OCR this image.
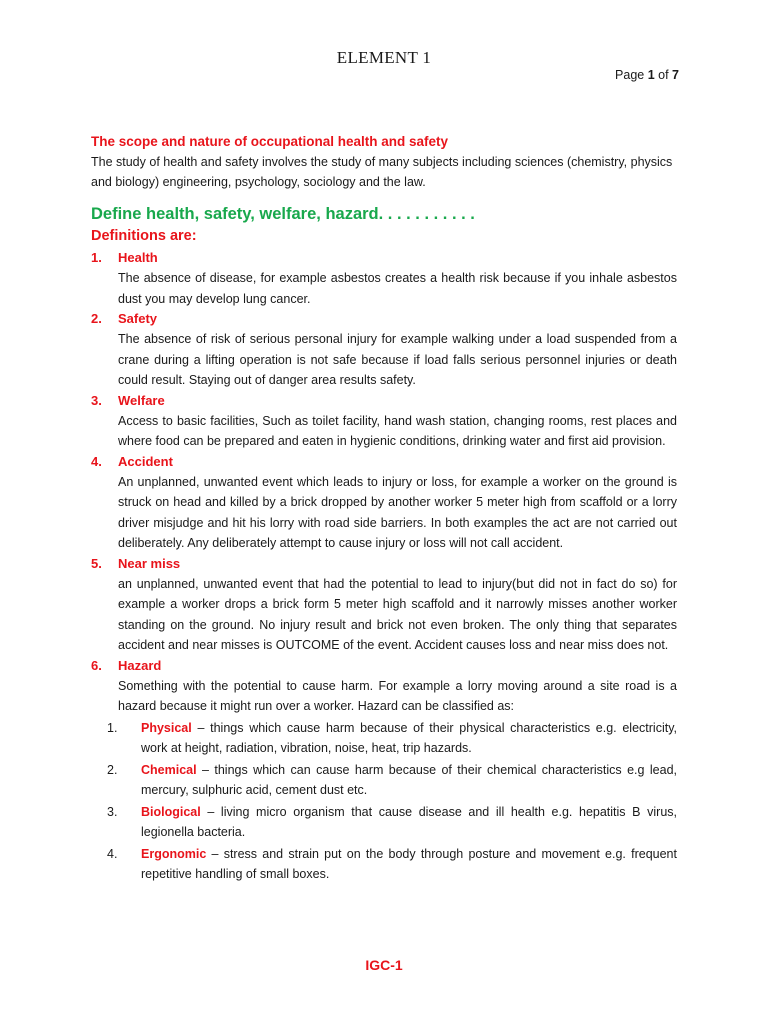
ELEMENT 1
Page 1 of 7

The scope and nature of occupational health and safety

The study of health and safety involves the study of many subjects including sciences (chemistry, physics and biology) engineering, psychology, sociology and the law.

Define health, safety, welfare, hazard. . . . . . . . . . .

Definitions are:

1.	Health

The absence of disease, for example asbestos creates a health risk because if you inhale asbestos dust you may develop lung cancer.

2.	Safety

The absence of risk of serious personal injury for example walking under a load suspended from a crane during a lifting operation is not safe because if load falls serious personnel injuries or death could result. Staying out of danger area results safety.

3.	Welfare

Access to basic facilities, Such as toilet facility, hand wash station, changing rooms, rest places and where food can be prepared and eaten in hygienic conditions, drinking water and first aid provision.

4.	Accident

An unplanned, unwanted event which leads to injury or loss, for example a worker on the ground is struck on head and killed by a brick dropped by another worker 5 meter high from scaffold or a lorry driver misjudge and hit his lorry with road side barriers. In both examples the act are not carried out deliberately. Any deliberately attempt to cause injury or loss will not call accident.

5.	Near miss

an unplanned, unwanted event that had the potential to lead to injury(but did not in fact do so) for example a worker drops a brick form 5 meter high scaffold and it narrowly misses another worker standing on the ground. No injury result and brick not even broken. The only thing that separates accident and near misses is OUTCOME of the event. Accident causes loss and near miss does not.

6.	Hazard

Something with the potential to cause harm. For example a lorry moving around a site road is a hazard because it might run over a worker. Hazard can be classified as:

1.	Physical – things which cause harm because of their physical characteristics e.g. electricity, work at height, radiation, vibration, noise, heat, trip hazards.
2.	Chemical – things which can cause harm because of their chemical characteristics e.g lead, mercury, sulphuric acid, cement dust etc.
3.	Biological – living micro organism that cause disease and ill health e.g. hepatitis B virus, legionella bacteria.
4.	Ergonomic – stress and strain put on the body through posture and movement e.g. frequent repetitive handling of small boxes.
IGC-1
